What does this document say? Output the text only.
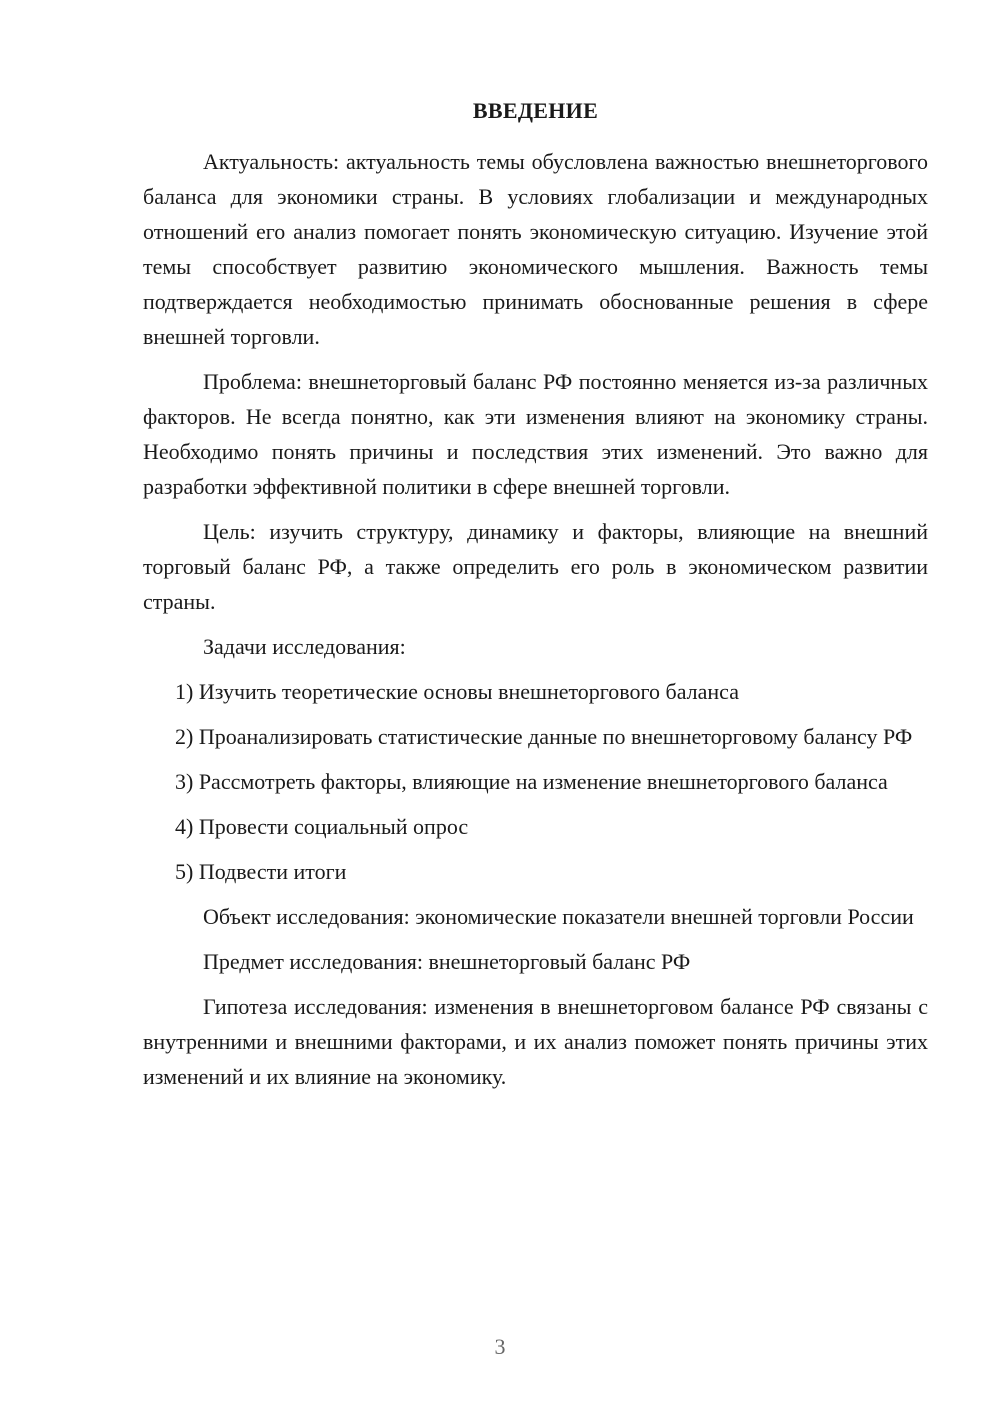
ВВЕДЕНИЕ

Актуальность: актуальность темы обусловлена важностью внешнеторгового баланса для экономики страны. В условиях глобализации и международных отношений его анализ помогает понять экономическую ситуацию. Изучение этой темы способствует развитию экономического мышления. Важность темы подтверждается необходимостью принимать обоснованные решения в сфере внешней торговли.

Проблема: внешнеторговый баланс РФ постоянно меняется из-за различных факторов. Не всегда понятно, как эти изменения влияют на экономику страны. Необходимо понять причины и последствия этих изменений. Это важно для разработки эффективной политики в сфере внешней торговли.

Цель: изучить структуру, динамику и факторы, влияющие на внешний торговый баланс РФ, а также определить его роль в экономическом развитии страны.

Задачи исследования:

1) Изучить теоретические основы внешнеторгового баланса

2) Проанализировать статистические данные по внешнеторговому балансу РФ

3) Рассмотреть факторы, влияющие на изменение внешнеторгового баланса

4) Провести социальный опрос

5) Подвести итоги

Объект исследования: экономические показатели внешней торговли России

Предмет исследования: внешнеторговый баланс РФ

Гипотеза исследования: изменения в внешнеторговом балансе РФ связаны с внутренними и внешними факторами, и их анализ поможет понять причины этих изменений и их влияние на экономику.

3
